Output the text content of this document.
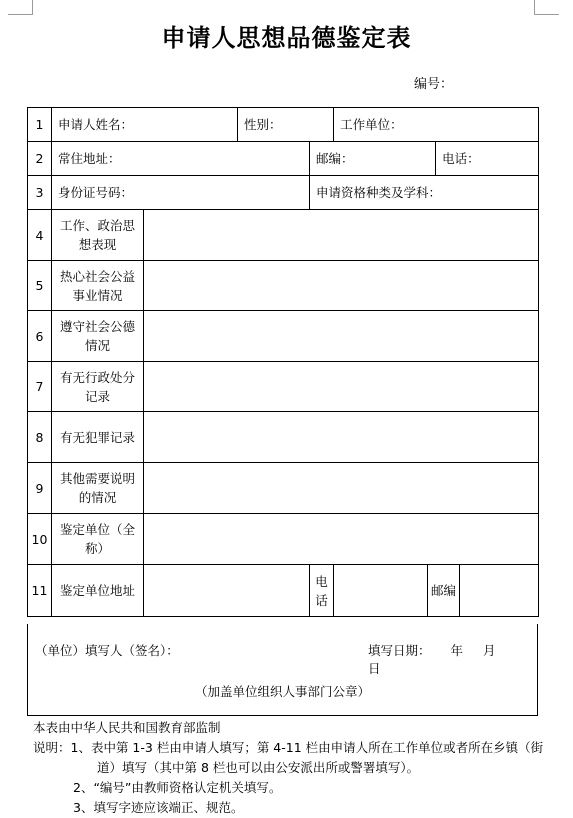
申请人思想品德鉴定表
编号：
1	申请人姓名：		性别：		工作单位：			
2	常住地址：			邮编：			电话：	
3	身份证号码：			申请资格种类及学科：				
4	工作、政治思想表现							
5	热心社会公益事业情况							
6	遵守社会公德情况							
7	有无行政处分记录							
8	有无犯罪记录							
9	其他需要说明的情况							
10	鉴定单位（全称）							
11	鉴定单位地址			电话		邮编		
（单位）填写人（签名）：	填写日期： 年 月日
（加盖单位组织人事部门公章）
本表由中华人民共和国教育部监制
说明：1、表中第 1-3 栏由申请人填写；第 4-11 栏由申请人所在工作单位或者所在乡镇（街
道）填写（其中第 8 栏也可以由公安派出所或警署填写）。
2、“编号”由教师资格认定机关填写。
3、填写字迹应该端正、规范。
